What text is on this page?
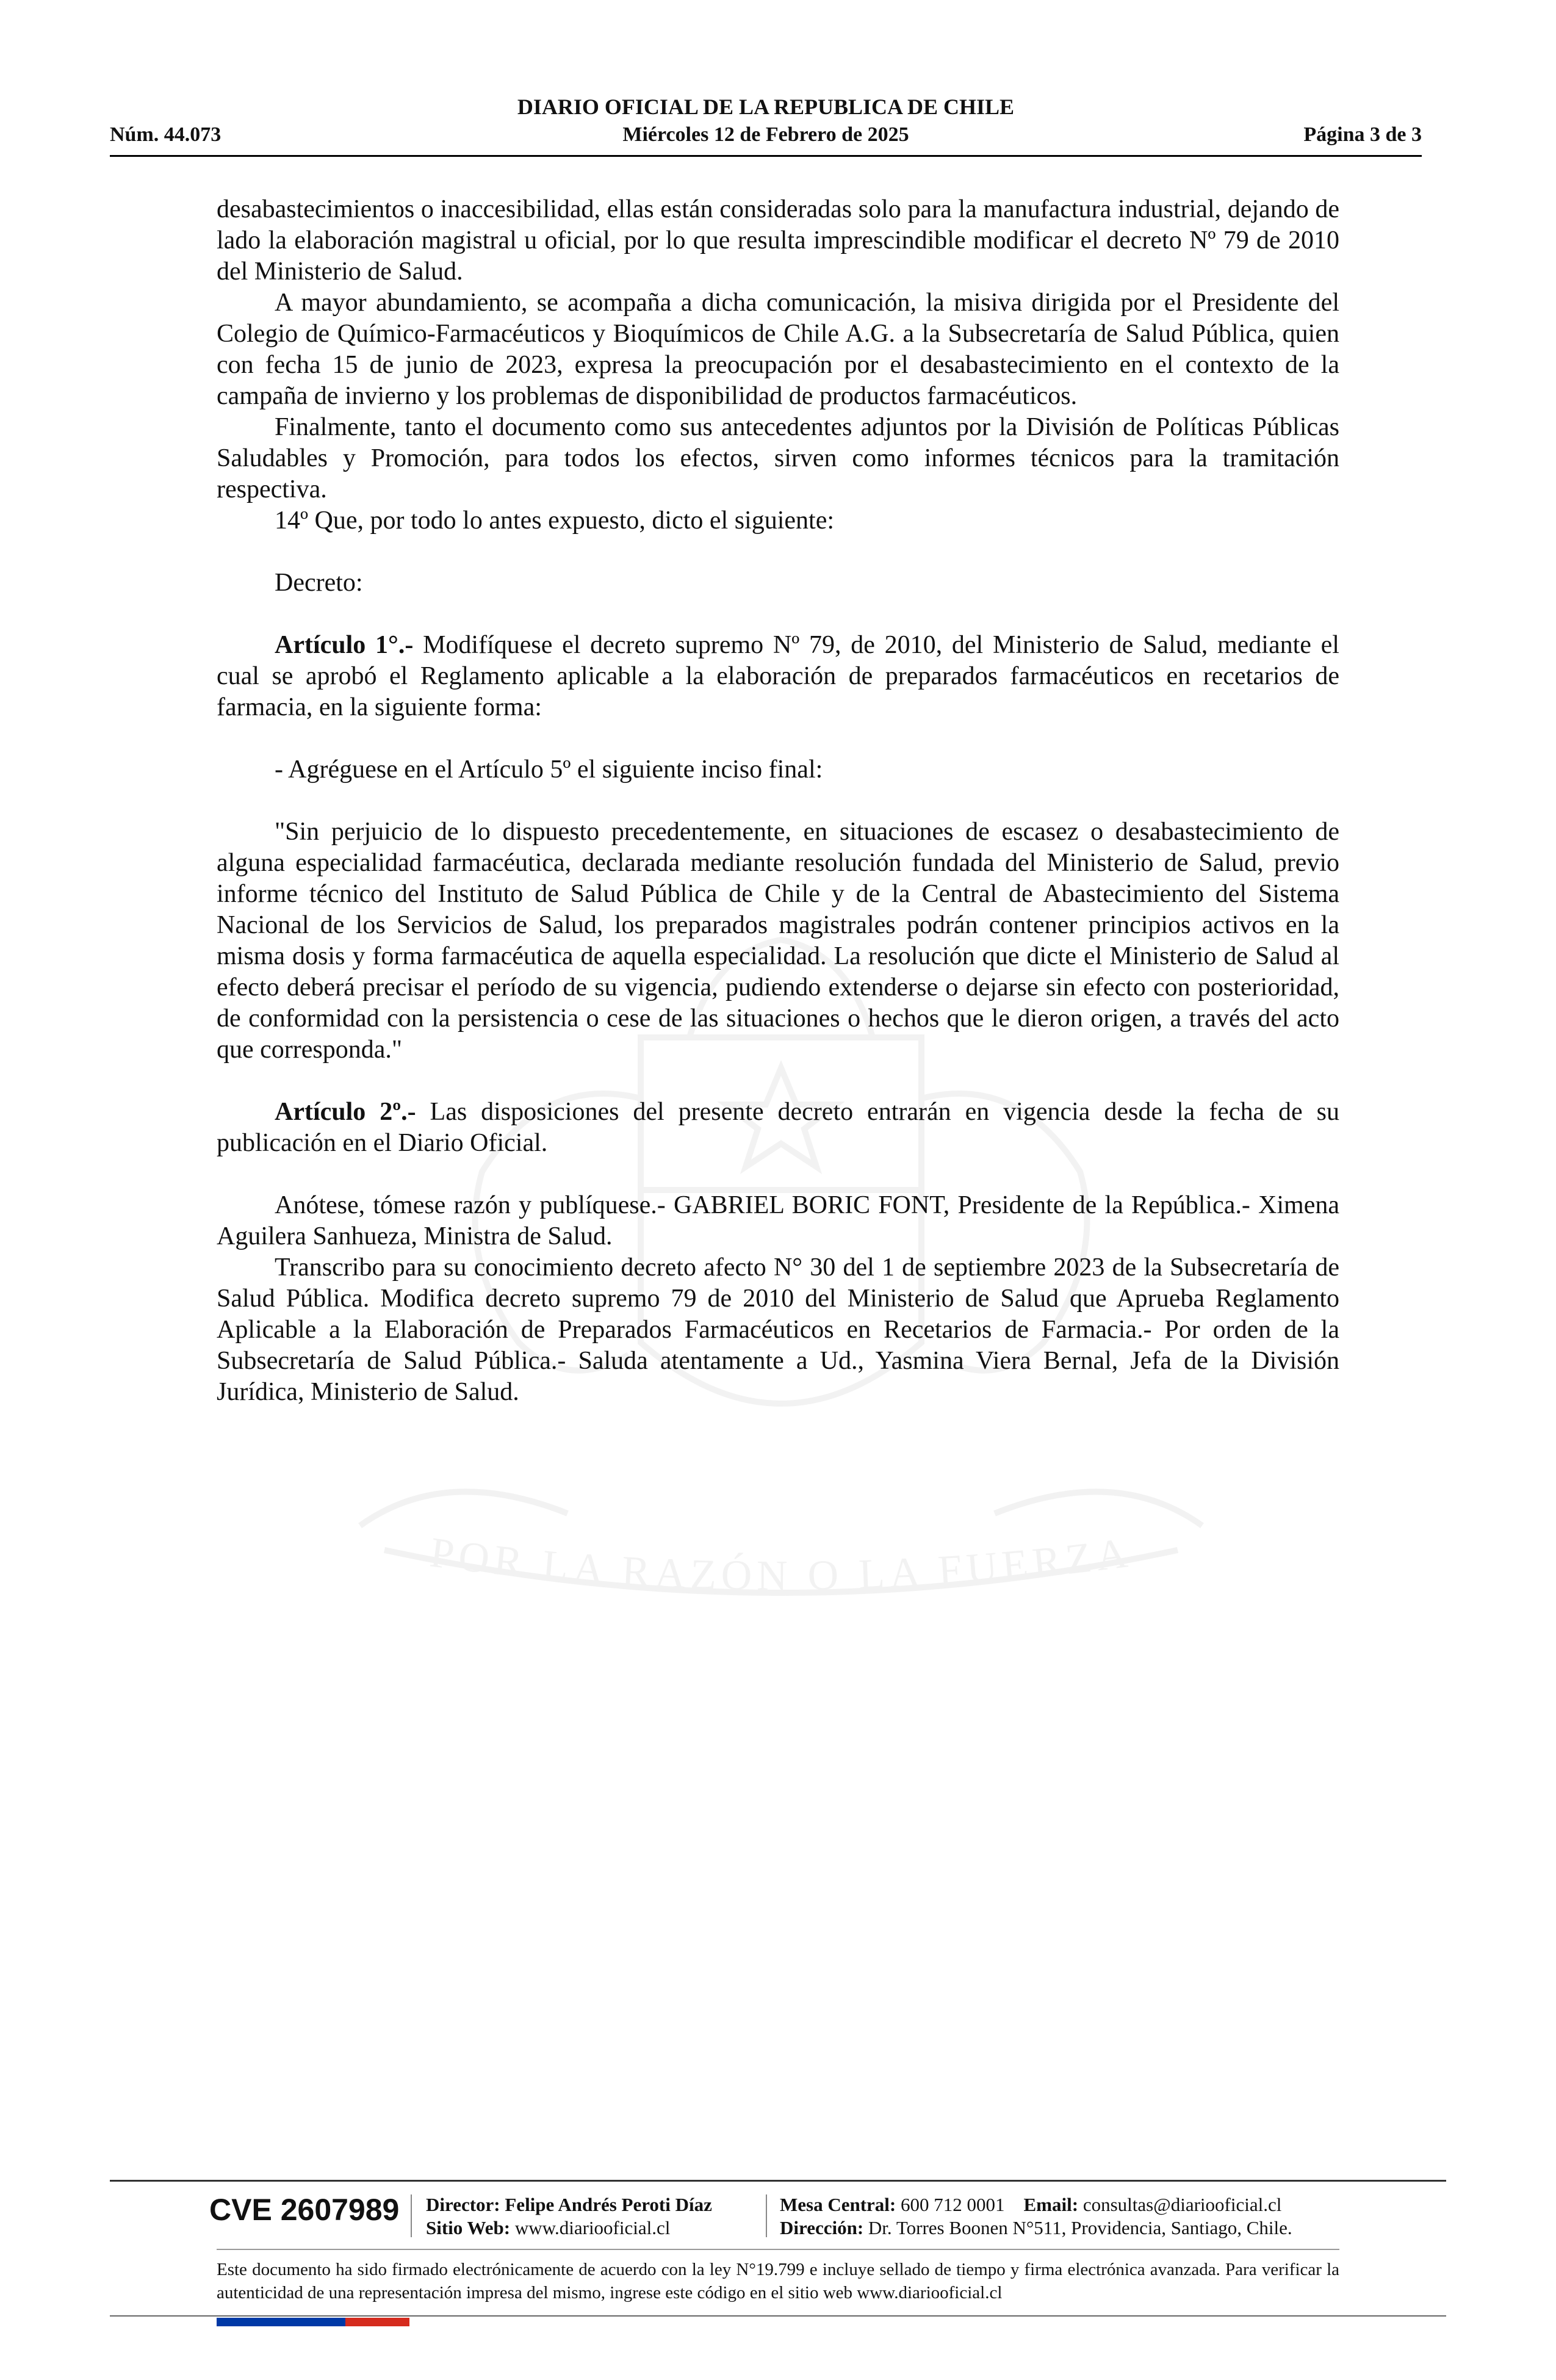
DIARIO OFICIAL DE LA REPUBLICA DE CHILE
Núm. 44.073	Miércoles 12 de Febrero de 2025	Página 3 de 3
POR LA RAZÓN O LA FUERZA

desabastecimientos o inaccesibilidad, ellas están consideradas solo para la manufactura industrial, dejando de lado la elaboración magistral u oficial, por lo que resulta imprescindible modificar el decreto Nº 79 de 2010 del Ministerio de Salud.

A mayor abundamiento, se acompaña a dicha comunicación, la misiva dirigida por el Presidente del Colegio de Químico-Farmacéuticos y Bioquímicos de Chile A.G. a la Subsecretaría de Salud Pública, quien con fecha 15 de junio de 2023, expresa la preocupación por el desabastecimiento en el contexto de la campaña de invierno y los problemas de disponibilidad de productos farmacéuticos.

Finalmente, tanto el documento como sus antecedentes adjuntos por la División de Políticas Públicas Saludables y Promoción, para todos los efectos, sirven como informes técnicos para la tramitación respectiva.

14º Que, por todo lo antes expuesto, dicto el siguiente:

Decreto:

Artículo 1°.- Modifíquese el decreto supremo Nº 79, de 2010, del Ministerio de Salud, mediante el cual se aprobó el Reglamento aplicable a la elaboración de preparados farmacéuticos en recetarios de farmacia, en la siguiente forma:

- Agréguese en el Artículo 5º el siguiente inciso final:

"Sin perjuicio de lo dispuesto precedentemente, en situaciones de escasez o desabastecimiento de alguna especialidad farmacéutica, declarada mediante resolución fundada del Ministerio de Salud, previo informe técnico del Instituto de Salud Pública de Chile y de la Central de Abastecimiento del Sistema Nacional de los Servicios de Salud, los preparados magistrales podrán contener principios activos en la misma dosis y forma farmacéutica de aquella especialidad. La resolución que dicte el Ministerio de Salud al efecto deberá precisar el período de su vigencia, pudiendo extenderse o dejarse sin efecto con posterioridad, de conformidad con la persistencia o cese de las situaciones o hechos que le dieron origen, a través del acto que corresponda."

Artículo 2º.- Las disposiciones del presente decreto entrarán en vigencia desde la fecha de su publicación en el Diario Oficial.

Anótese, tómese razón y publíquese.- GABRIEL BORIC FONT, Presidente de la República.- Ximena Aguilera Sanhueza, Ministra de Salud.

Transcribo para su conocimiento decreto afecto N° 30 del 1 de septiembre 2023 de la Subsecretaría de Salud Pública. Modifica decreto supremo 79 de 2010 del Ministerio de Salud que Aprueba Reglamento Aplicable a la Elaboración de Preparados Farmacéuticos en Recetarios de Farmacia.- Por orden de la Subsecretaría de Salud Pública.- Saluda atentamente a Ud., Yasmina Viera Bernal, Jefa de la División Jurídica, Ministerio de Salud.

CVE 2607989 Director: Felipe Andrés Peroti Díaz
Sitio Web: www.diariooficial.cl
Mesa Central: 600 712 0001 Email: consultas@diariooficial.cl
Dirección: Dr. Torres Boonen N°511, Providencia, Santiago, Chile.
Este documento ha sido firmado electrónicamente de acuerdo con la ley N°19.799 e incluye sellado de tiempo y firma electrónica avanzada. Para verificar la autenticidad de una representación impresa del mismo, ingrese este código en el sitio web www.diariooficial.cl
